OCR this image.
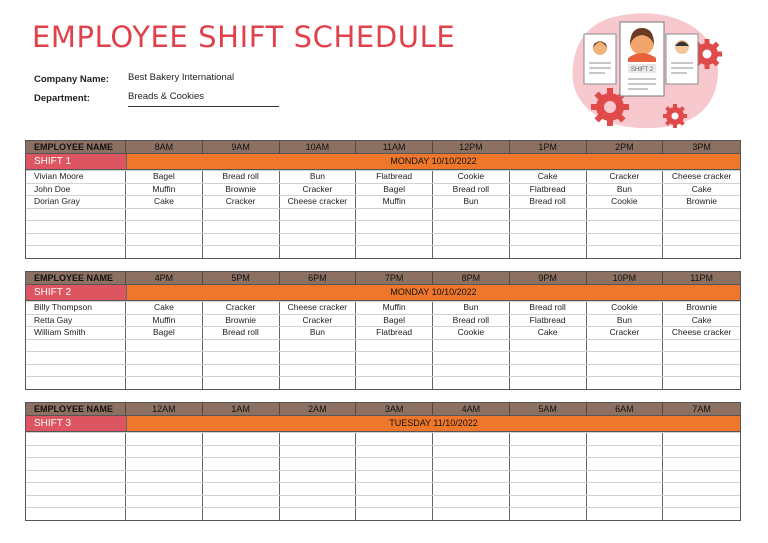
EMPLOYEE SHIFT SCHEDULE
Company Name:	Best Bakery International
Department:	Breads & Cookies
SHIFT 2
EMPLOYEE NAME	8AM	9AM	10AM	11AM	12PM	1PM	2PM	3PM
SHIFT 1	MONDAY 10/10/2022
Vivian Moore	Bagel	Bread roll	Bun	Flatbread	Cookie	Cake	Cracker	Cheese cracker
John Doe	Muffin	Brownie	Cracker	Bagel	Bread roll	Flatbread	Bun	Cake
Dorian Gray	Cake	Cracker	Cheese cracker	Muffin	Bun	Bread roll	Cookie	Brownie
EMPLOYEE NAME	4PM	5PM	6PM	7PM	8PM	9PM	10PM	11PM
SHIFT 2	MONDAY 10/10/2022
Billy Thompson	Cake	Cracker	Cheese cracker	Muffin	Bun	Bread roll	Cookie	Brownie
Retta Gay	Muffin	Brownie	Cracker	Bagel	Bread roll	Flatbread	Bun	Cake
William Smith	Bagel	Bread roll	Bun	Flatbread	Cookie	Cake	Cracker	Cheese cracker
EMPLOYEE NAME	12AM	1AM	2AM	3AM	4AM	5AM	6AM	7AM
SHIFT 3	TUESDAY 11/10/2022
